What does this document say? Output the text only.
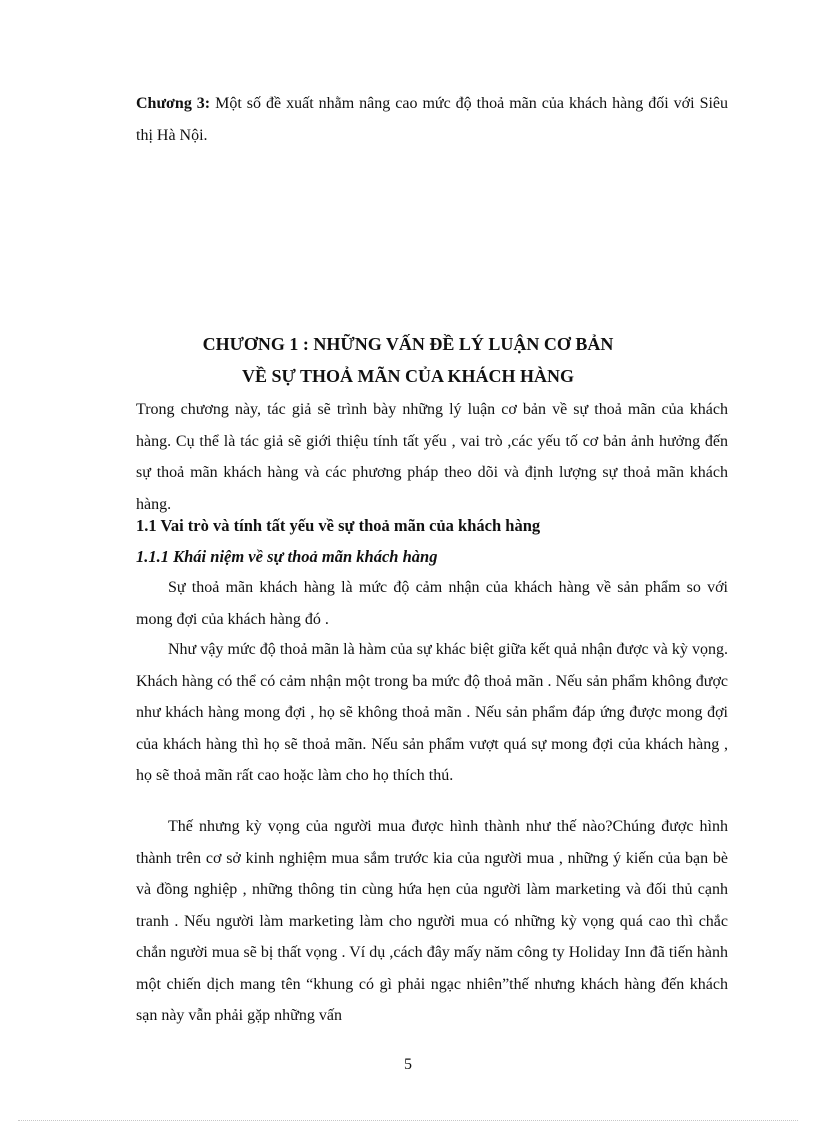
Chương 3: Một số đề xuất nhằm nâng cao mức độ thoả mãn của khách hàng đối với Siêu thị Hà Nội.

CHƯƠNG 1 : NHỮNG VẤN ĐỀ LÝ LUẬN CƠ BẢN
VỀ SỰ THOẢ MÃN CỦA KHÁCH HÀNG

Trong chương này, tác giả sẽ trình bày những lý luận cơ bản về sự thoả mãn của khách hàng. Cụ thể là tác giả sẽ giới thiệu tính tất yếu , vai trò ,các yếu tố cơ bản ảnh hưởng đến sự thoả mãn khách hàng và các phương pháp theo dõi và định lượng sự thoả mãn khách hàng.

1.1 Vai trò và tính tất yếu về sự thoả mãn của khách hàng

1.1.1 Khái niệm về sự thoả mãn khách hàng

Sự thoả mãn khách hàng là mức độ cảm nhận của khách hàng về sản phẩm so với mong đợi của khách hàng đó .

Như vậy mức độ thoả mãn là hàm của sự khác biệt giữa kết quả nhận được và kỳ vọng. Khách hàng có thể có cảm nhận một trong ba mức độ thoả mãn . Nếu sản phẩm không được như khách hàng mong đợi , họ sẽ không thoả mãn . Nếu sản phẩm đáp ứng được mong đợi của khách hàng thì họ sẽ thoả mãn. Nếu sản phẩm vượt quá sự mong đợi của khách hàng , họ sẽ thoả mãn rất cao hoặc làm cho họ thích thú.

Thế nhưng kỳ vọng của người mua được hình thành như thế nào?Chúng được hình thành trên cơ sở kinh nghiệm mua sắm trước kia của người mua , những ý kiến của bạn bè và đồng nghiệp , những thông tin cùng hứa hẹn của người làm marketing và đối thủ cạnh tranh . Nếu người làm marketing làm cho người mua có những kỳ vọng quá cao thì chắc chắn người mua sẽ bị thất vọng . Ví dụ ,cách đây mấy năm công ty Holiday Inn đã tiến hành một chiến dịch mang tên “khung có gì phải ngạc nhiên”thế nhưng khách hàng đến khách sạn này vẫn phải gặp những vấn

5
